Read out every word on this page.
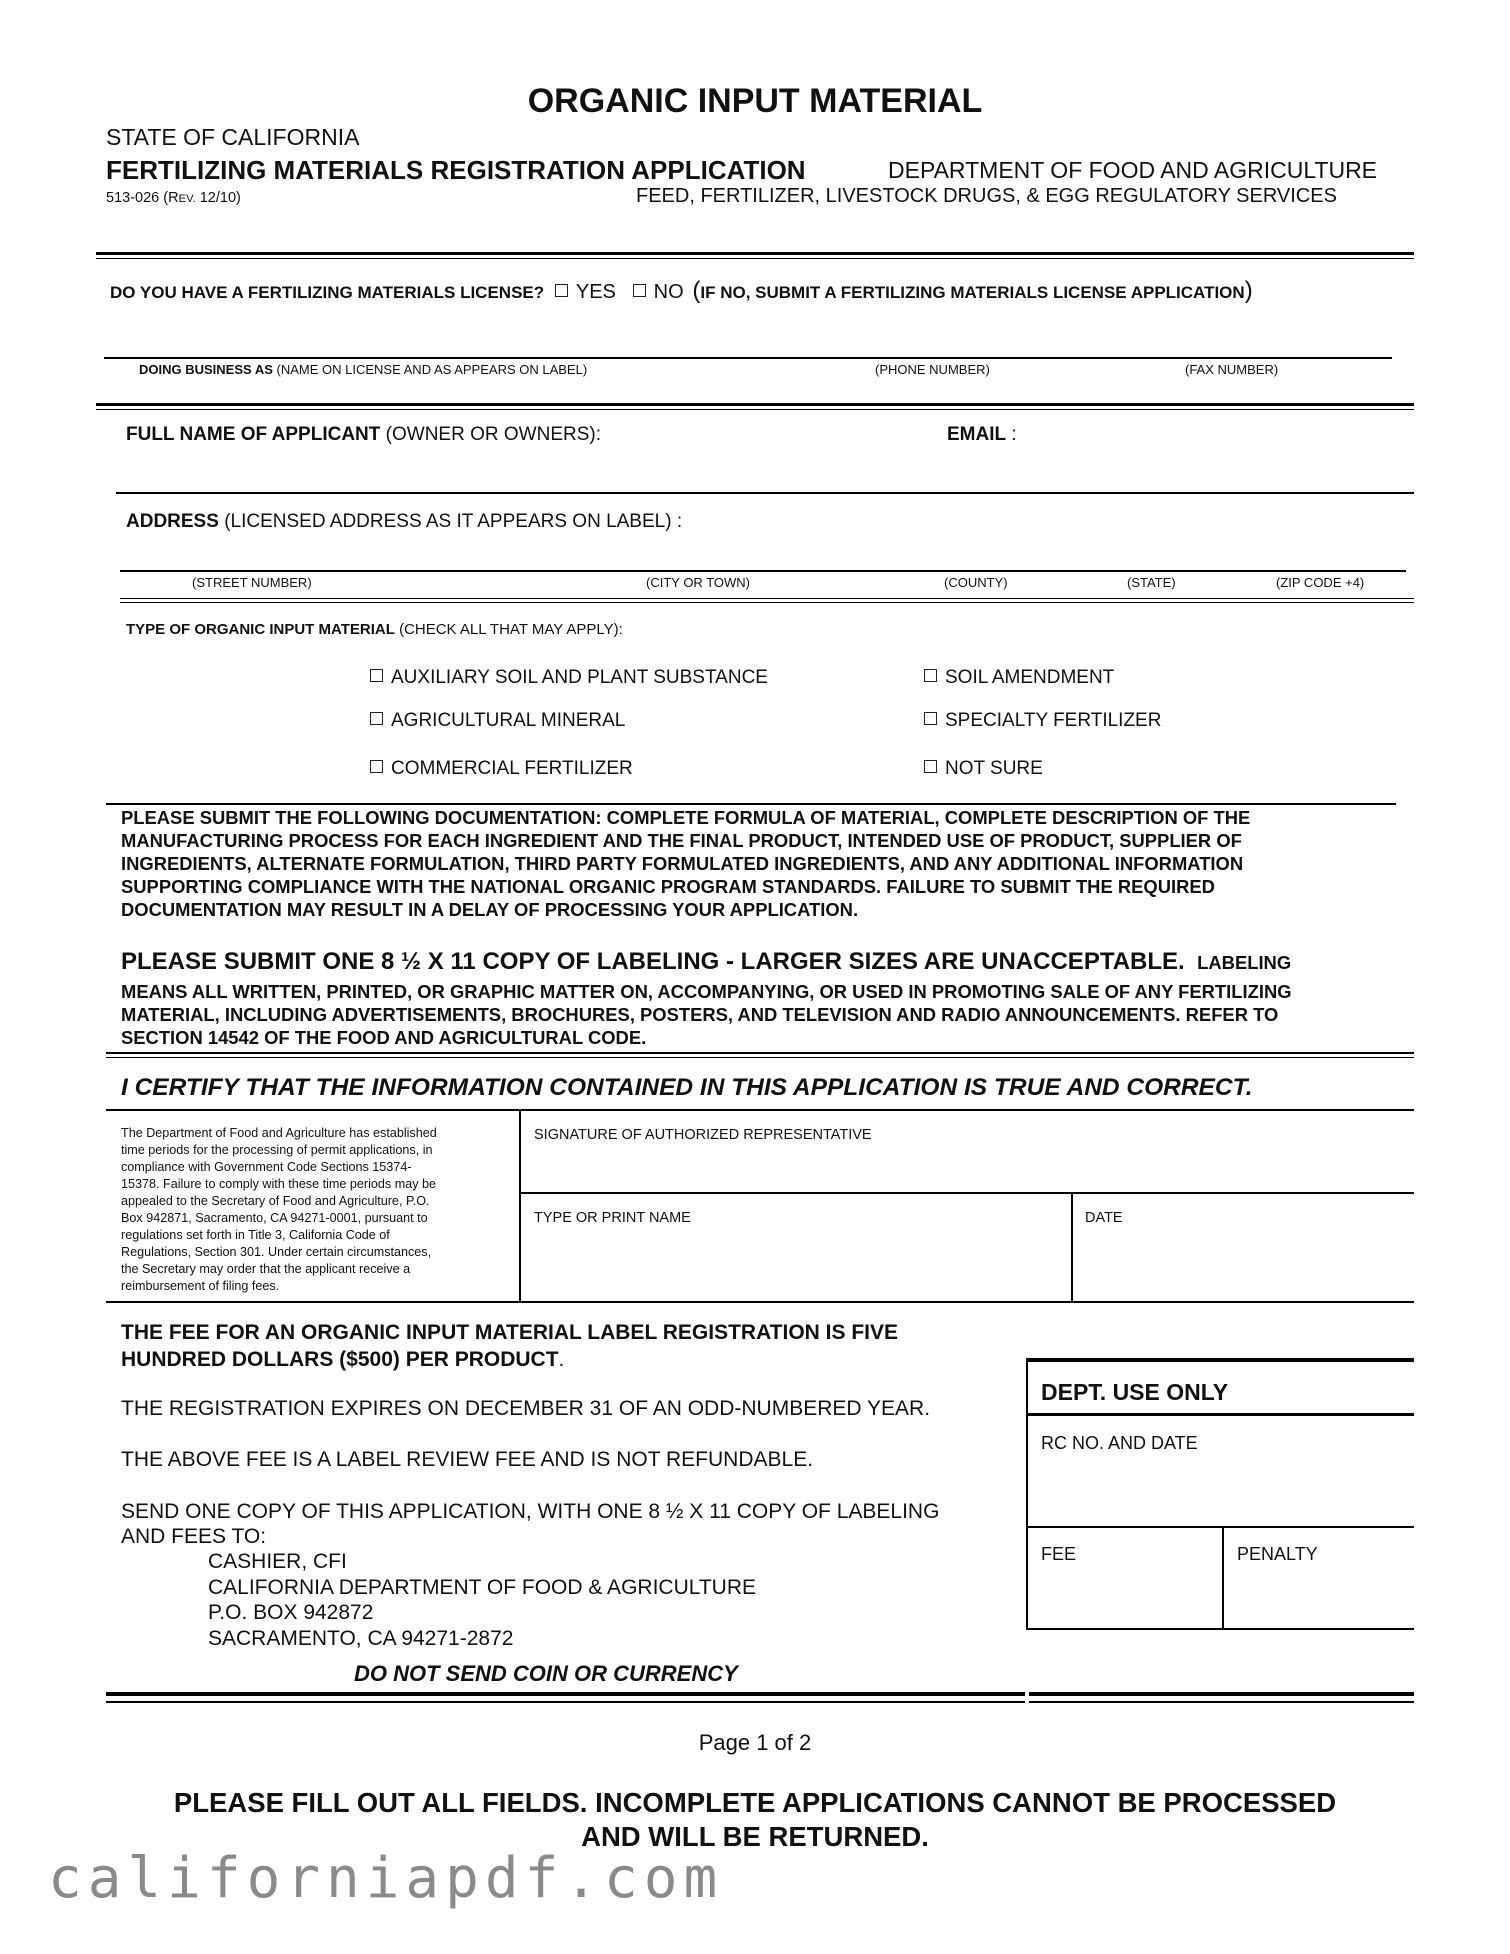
ORGANIC INPUT MATERIAL
STATE OF CALIFORNIA
FERTILIZING MATERIALS REGISTRATION APPLICATION	DEPARTMENT OF FOOD AND AGRICULTURE
513-026 (REV. 12/10)	FEED, FERTILIZER, LIVESTOCK DRUGS, & EGG REGULATORY SERVICES
DO YOU HAVE A FERTILIZING MATERIALS LICENSE? YES NO (IF NO, SUBMIT A FERTILIZING MATERIALS LICENSE APPLICATION)
DOING BUSINESS AS (NAME ON LICENSE AND AS APPEARS ON LABEL)	(PHONE NUMBER)	(FAX NUMBER)
FULL NAME OF APPLICANT (OWNER OR OWNERS):	EMAIL :
ADDRESS (LICENSED ADDRESS AS IT APPEARS ON LABEL) :
(STREET NUMBER)	(CITY OR TOWN)	(COUNTY)	(STATE)	(ZIP CODE +4)
TYPE OF ORGANIC INPUT MATERIAL (CHECK ALL THAT MAY APPLY):
AUXILIARY SOIL AND PLANT SUBSTANCE	SOIL AMENDMENT
AGRICULTURAL MINERAL	SPECIALTY FERTILIZER
COMMERCIAL FERTILIZER	NOT SURE
PLEASE SUBMIT THE FOLLOWING DOCUMENTATION: COMPLETE FORMULA OF MATERIAL, COMPLETE DESCRIPTION OF THE
MANUFACTURING PROCESS FOR EACH INGREDIENT AND THE FINAL PRODUCT, INTENDED USE OF PRODUCT, SUPPLIER OF
INGREDIENTS, ALTERNATE FORMULATION, THIRD PARTY FORMULATED INGREDIENTS, AND ANY ADDITIONAL INFORMATION
SUPPORTING COMPLIANCE WITH THE NATIONAL ORGANIC PROGRAM STANDARDS. FAILURE TO SUBMIT THE REQUIRED
DOCUMENTATION MAY RESULT IN A DELAY OF PROCESSING YOUR APPLICATION.
PLEASE SUBMIT ONE 8 ½ X 11 COPY OF LABELING - LARGER SIZES ARE UNACCEPTABLE. LABELING
MEANS ALL WRITTEN, PRINTED, OR GRAPHIC MATTER ON, ACCOMPANYING, OR USED IN PROMOTING SALE OF ANY FERTILIZING
MATERIAL, INCLUDING ADVERTISEMENTS, BROCHURES, POSTERS, AND TELEVISION AND RADIO ANNOUNCEMENTS. REFER TO
SECTION 14542 OF THE FOOD AND AGRICULTURAL CODE.
I CERTIFY THAT THE INFORMATION CONTAINED IN THIS APPLICATION IS TRUE AND CORRECT.
The Department of Food and Agriculture has established
time periods for the processing of permit applications, in
compliance with Government Code Sections 15374-
15378. Failure to comply with these time periods may be
appealed to the Secretary of Food and Agriculture, P.O.
Box 942871, Sacramento, CA 94271-0001, pursuant to
regulations set forth in Title 3, California Code of
Regulations, Section 301. Under certain circumstances,
the Secretary may order that the applicant receive a
reimbursement of filing fees.
SIGNATURE OF AUTHORIZED REPRESENTATIVE
TYPE OR PRINT NAME	DATE
THE FEE FOR AN ORGANIC INPUT MATERIAL LABEL REGISTRATION IS FIVE
HUNDRED DOLLARS ($500) PER PRODUCT.
THE REGISTRATION EXPIRES ON DECEMBER 31 OF AN ODD-NUMBERED YEAR.
THE ABOVE FEE IS A LABEL REVIEW FEE AND IS NOT REFUNDABLE.
SEND ONE COPY OF THIS APPLICATION, WITH ONE 8 ½ X 11 COPY OF LABELING
AND FEES TO:
CASHIER, CFI
CALIFORNIA DEPARTMENT OF FOOD & AGRICULTURE
P.O. BOX 942872
SACRAMENTO, CA 94271-2872
DO NOT SEND COIN OR CURRENCY
DEPT. USE ONLY
RC NO. AND DATE
FEE	PENALTY
Page 1 of 2
PLEASE FILL OUT ALL FIELDS. INCOMPLETE APPLICATIONS CANNOT BE PROCESSED
AND WILL BE RETURNED.
californiapdf.com
